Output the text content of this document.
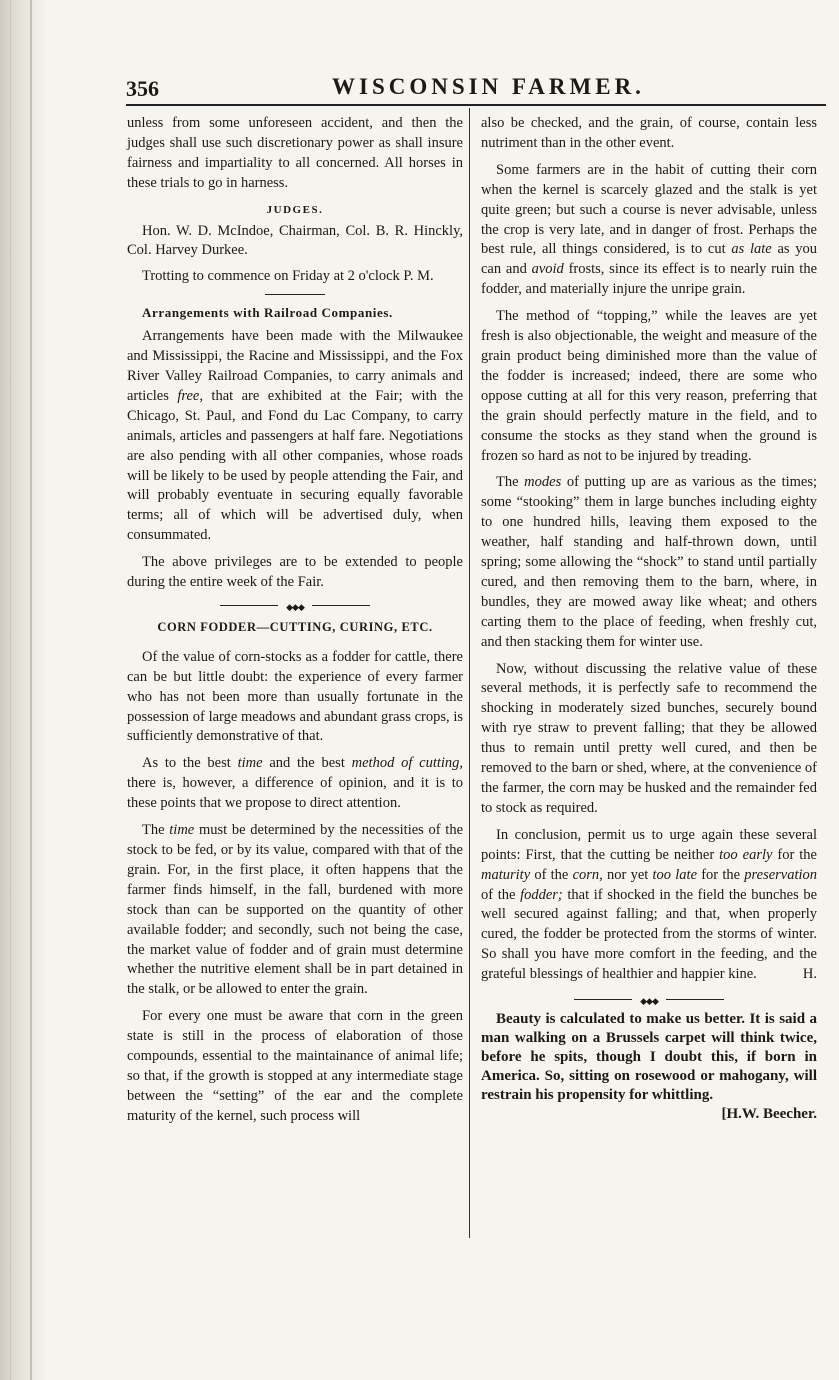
356	WISCONSIN FARMER.

unless from some unforeseen accident, and then the judges shall use such discretionary power as shall insure fairness and impartiality to all concerned. All horses in these trials to go in harness.

JUDGES.

Hon. W. D. McIndoe, Chairman, Col. B. R. Hinckly, Col. Harvey Durkee.

Trotting to commence on Friday at 2 o'clock P. M.

Arrangements with Railroad Companies.

Arrangements have been made with the Milwaukee and Mississippi, the Racine and Mississippi, and the Fox River Valley Railroad Companies, to carry animals and articles free, that are exhibited at the Fair; with the Chicago, St. Paul, and Fond du Lac Company, to carry animals, articles and passengers at half fare. Negotiations are also pending with all other companies, whose roads will be likely to be used by people attending the Fair, and will probably eventuate in securing equally favorable terms; all of which will be advertised duly, when consummated.

The above privileges are to be extended to people during the entire week of the Fair.

◆◆◆
CORN FODDER—CUTTING, CURING, ETC.

Of the value of corn-stocks as a fodder for cattle, there can be but little doubt: the experience of every farmer who has not been more than usually fortunate in the possession of large meadows and abundant grass crops, is sufficiently demonstrative of that.

As to the best time and the best method of cutting, there is, however, a difference of opinion, and it is to these points that we propose to direct attention.

The time must be determined by the necessities of the stock to be fed, or by its value, compared with that of the grain. For, in the first place, it often happens that the farmer finds himself, in the fall, burdened with more stock than can be supported on the quantity of other available fodder; and secondly, such not being the case, the market value of fodder and of grain must determine whether the nutritive element shall be in part detained in the stalk, or be allowed to enter the grain.

For every one must be aware that corn in the green state is still in the process of elaboration of those compounds, essential to the maintainance of animal life; so that, if the growth is stopped at any intermediate stage between the “setting” of the ear and the complete maturity of the kernel, such process will

also be checked, and the grain, of course, contain less nutriment than in the other event.

Some farmers are in the habit of cutting their corn when the kernel is scarcely glazed and the stalk is yet quite green; but such a course is never advisable, unless the crop is very late, and in danger of frost. Perhaps the best rule, all things considered, is to cut as late as you can and avoid frosts, since its effect is to nearly ruin the fodder, and materially injure the unripe grain.

The method of “topping,” while the leaves are yet fresh is also objectionable, the weight and measure of the grain product being diminished more than the value of the fodder is increased; indeed, there are some who oppose cutting at all for this very reason, preferring that the grain should perfectly mature in the field, and to consume the stocks as they stand when the ground is frozen so hard as not to be injured by treading.

The modes of putting up are as various as the times; some “stooking” them in large bunches including eighty to one hundred hills, leaving them exposed to the weather, half standing and half-thrown down, until spring; some allowing the “shock” to stand until partially cured, and then removing them to the barn, where, in bundles, they are mowed away like wheat; and others carting them to the place of feeding, when freshly cut, and then stacking them for winter use.

Now, without discussing the relative value of these several methods, it is perfectly safe to recommend the shocking in moderately sized bunches, securely bound with rye straw to prevent falling; that they be allowed thus to remain until pretty well cured, and then be removed to the barn or shed, where, at the convenience of the farmer, the corn may be husked and the remainder fed to stock as required.

In conclusion, permit us to urge again these several points: First, that the cutting be neither too early for the maturity of the corn, nor yet too late for the preservation of the fodder; that if shocked in the field the bunches be well secured against falling; and that, when properly cured, the fodder be protected from the storms of winter. So shall you have more comfort in the feeding, and the grateful blessings of healthier and happier kine.	H.

◆◆◆

Beauty is calculated to make us better. It is said a man walking on a Brussels carpet will think twice, before he spits, though I doubt this, if born in America. So, sitting on rosewood or mahogany, will restrain his propensity for whittling.
[H.W. Beecher.
